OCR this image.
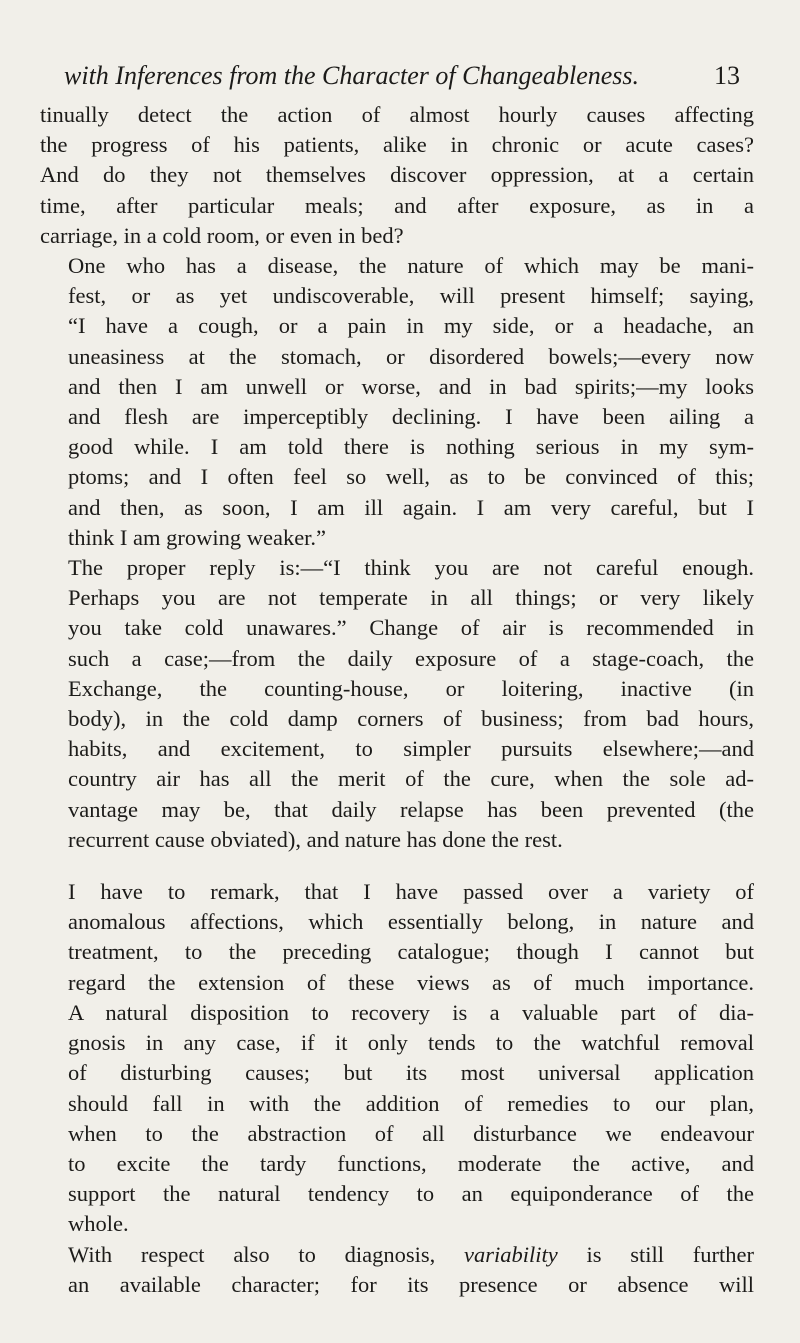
with Inferences from the Character of Changeableness.	13

tinually detect the action of almost hourly causes affecting
the progress of his patients, alike in chronic or acute cases?
And do they not themselves discover oppression, at a certain
time, after particular meals; and after exposure, as in a
carriage, in a cold room, or even in bed?

One who has a disease, the nature of which may be mani-
fest, or as yet undiscoverable, will present himself; saying,
“I have a cough, or a pain in my side, or a headache, an
uneasiness at the stomach, or disordered bowels;—every now
and then I am unwell or worse, and in bad spirits;—my looks
and flesh are imperceptibly declining. I have been ailing a
good while. I am told there is nothing serious in my sym-
ptoms; and I often feel so well, as to be convinced of this;
and then, as soon, I am ill again. I am very careful, but I
think I am growing weaker.”

The proper reply is:—“I think you are not careful enough.
Perhaps you are not temperate in all things; or very likely
you take cold unawares.” Change of air is recommended in
such a case;—from the daily exposure of a stage-coach, the
Exchange, the counting-house, or loitering, inactive (in
body), in the cold damp corners of business; from bad hours,
habits, and excitement, to simpler pursuits elsewhere;—and
country air has all the merit of the cure, when the sole ad-
vantage may be, that daily relapse has been prevented (the
recurrent cause obviated), and nature has done the rest.

I have to remark, that I have passed over a variety of
anomalous affections, which essentially belong, in nature and
treatment, to the preceding catalogue; though I cannot but
regard the extension of these views as of much importance.
A natural disposition to recovery is a valuable part of dia-
gnosis in any case, if it only tends to the watchful removal
of disturbing causes; but its most universal application
should fall in with the addition of remedies to our plan,
when to the abstraction of all disturbance we endeavour
to excite the tardy functions, moderate the active, and
support the natural tendency to an equiponderance of the
whole.

With respect also to diagnosis, variability is still further
an available character; for its presence or absence will
